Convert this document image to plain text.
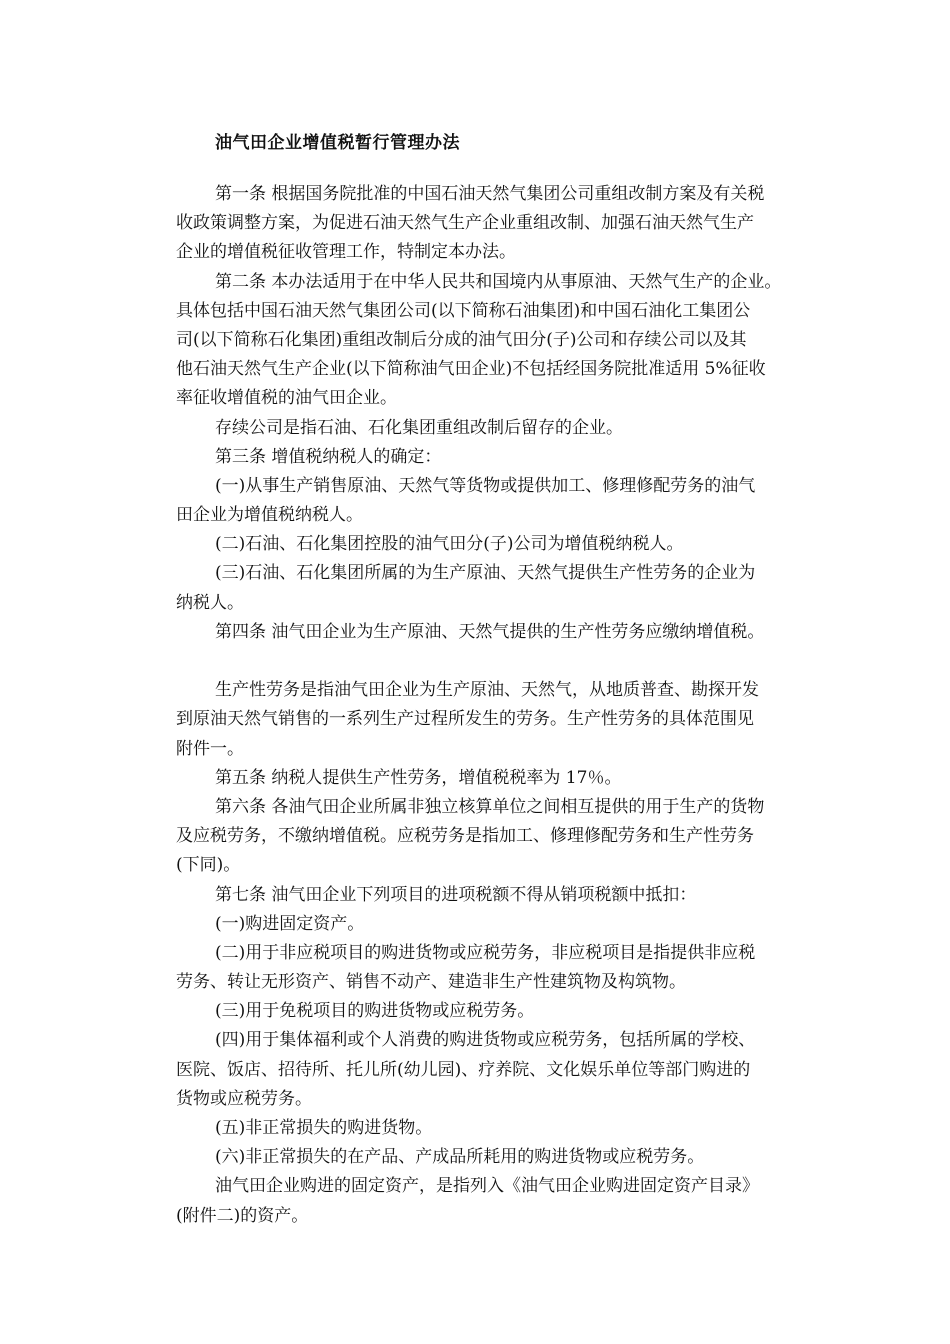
油气田企业增值税暂行管理办法
第一条 根据国务院批准的中国石油天然气集团公司重组改制方案及有关税
收政策调整方案，为促进石油天然气生产企业重组改制、加强石油天然气生产
企业的增值税征收管理工作，特制定本办法。
第二条 本办法适用于在中华人民共和国境内从事原油、天然气生产的企业。
具体包括中国石油天然气集团公司(以下简称石油集团)和中国石油化工集团公
司(以下简称石化集团)重组改制后分成的油气田分(子)公司和存续公司以及其
他石油天然气生产企业(以下简称油气田企业)不包括经国务院批准适用 5%征收
率征收增值税的油气田企业。
存续公司是指石油、石化集团重组改制后留存的企业。
第三条 增值税纳税人的确定：
(一)从事生产销售原油、天然气等货物或提供加工、修理修配劳务的油气
田企业为增值税纳税人。
(二)石油、石化集团控股的油气田分(子)公司为增值税纳税人。
(三)石油、石化集团所属的为生产原油、天然气提供生产性劳务的企业为
纳税人。
第四条 油气田企业为生产原油、天然气提供的生产性劳务应缴纳增值税。
生产性劳务是指油气田企业为生产原油、天然气，从地质普查、勘探开发
到原油天然气销售的一系列生产过程所发生的劳务。生产性劳务的具体范围见
附件一。
第五条 纳税人提供生产性劳务，增值税税率为 17％。
第六条 各油气田企业所属非独立核算单位之间相互提供的用于生产的货物
及应税劳务，不缴纳增值税。应税劳务是指加工、修理修配劳务和生产性劳务
(下同)。
第七条 油气田企业下列项目的进项税额不得从销项税额中抵扣：
(一)购进固定资产。
(二)用于非应税项目的购进货物或应税劳务，非应税项目是指提供非应税
劳务、转让无形资产、销售不动产、建造非生产性建筑物及构筑物。
(三)用于免税项目的购进货物或应税劳务。
(四)用于集体福利或个人消费的购进货物或应税劳务，包括所属的学校、
医院、饭店、招待所、托儿所(幼儿园)、疗养院、文化娱乐单位等部门购进的
货物或应税劳务。
(五)非正常损失的购进货物。
(六)非正常损失的在产品、产成品所耗用的购进货物或应税劳务。
油气田企业购进的固定资产，是指列入《油气田企业购进固定资产目录》
(附件二)的资产。
